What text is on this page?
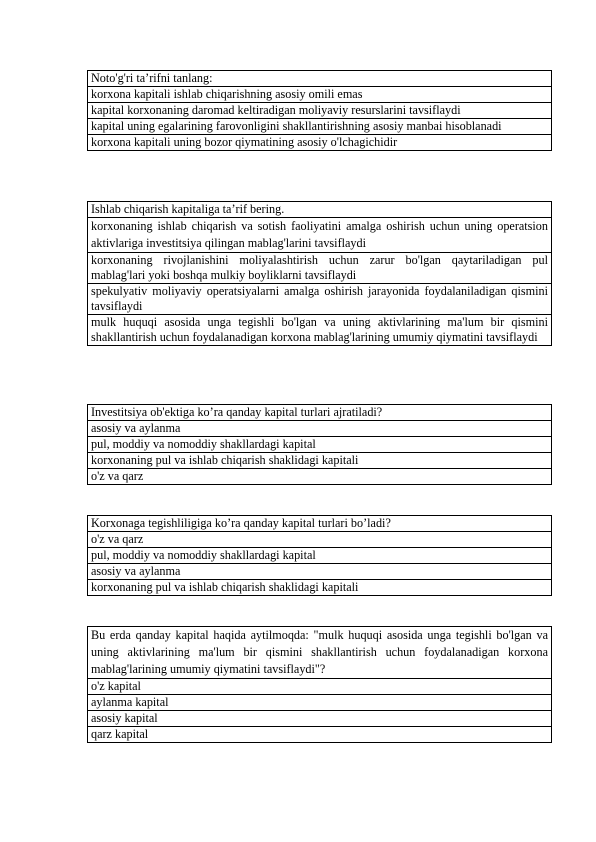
Noto'g'ri ta’rifni tanlang:
korxona kapitali ishlab chiqarishning asosiy omili emas
kapital korxonaning daromad keltiradigan moliyaviy resurslarini tavsiflaydi
kapital uning egalarining farovonligini shakllantirishning asosiy manbai hisoblanadi
korxona kapitali uning bozor qiymatining asosiy o'lchagichidir
Ishlab chiqarish kapitaliga ta’rif bering.
korxonaning ishlab chiqarish va sotish faoliyatini amalga oshirish uchun uning operatsion aktivlariga investitsiya qilingan mablag'larini tavsiflaydi
korxonaning rivojlanishini moliyalashtirish uchun zarur bo'lgan qaytariladigan pul mablag'lari yoki boshqa mulkiy boyliklarni tavsiflaydi
spekulyativ moliyaviy operatsiyalarni amalga oshirish jarayonida foydalaniladigan qismini tavsiflaydi
mulk huquqi asosida unga tegishli bo'lgan va uning aktivlarining ma'lum bir qismini shakllantirish uchun foydalanadigan korxona mablag'larining umumiy qiymatini tavsiflaydi
Investitsiya ob'ektiga ko’ra qanday kapital turlari ajratiladi?
asosiy va aylanma
pul, moddiy va nomoddiy shakllardagi kapital
korxonaning pul va ishlab chiqarish shaklidagi kapitali
o'z va qarz
Korxonaga tegishliligiga ko’ra qanday kapital turlari bo’ladi?
o'z va qarz
pul, moddiy va nomoddiy shakllardagi kapital
asosiy va aylanma
korxonaning pul va ishlab chiqarish shaklidagi kapitali
Bu erda qanday kapital haqida aytilmoqda: "mulk huquqi asosida unga tegishli bo'lgan va uning aktivlarining ma'lum bir qismini shakllantirish uchun foydalanadigan korxona mablag'larining umumiy qiymatini tavsiflaydi"?
o'z kapital
aylanma kapital
asosiy kapital
qarz kapital
